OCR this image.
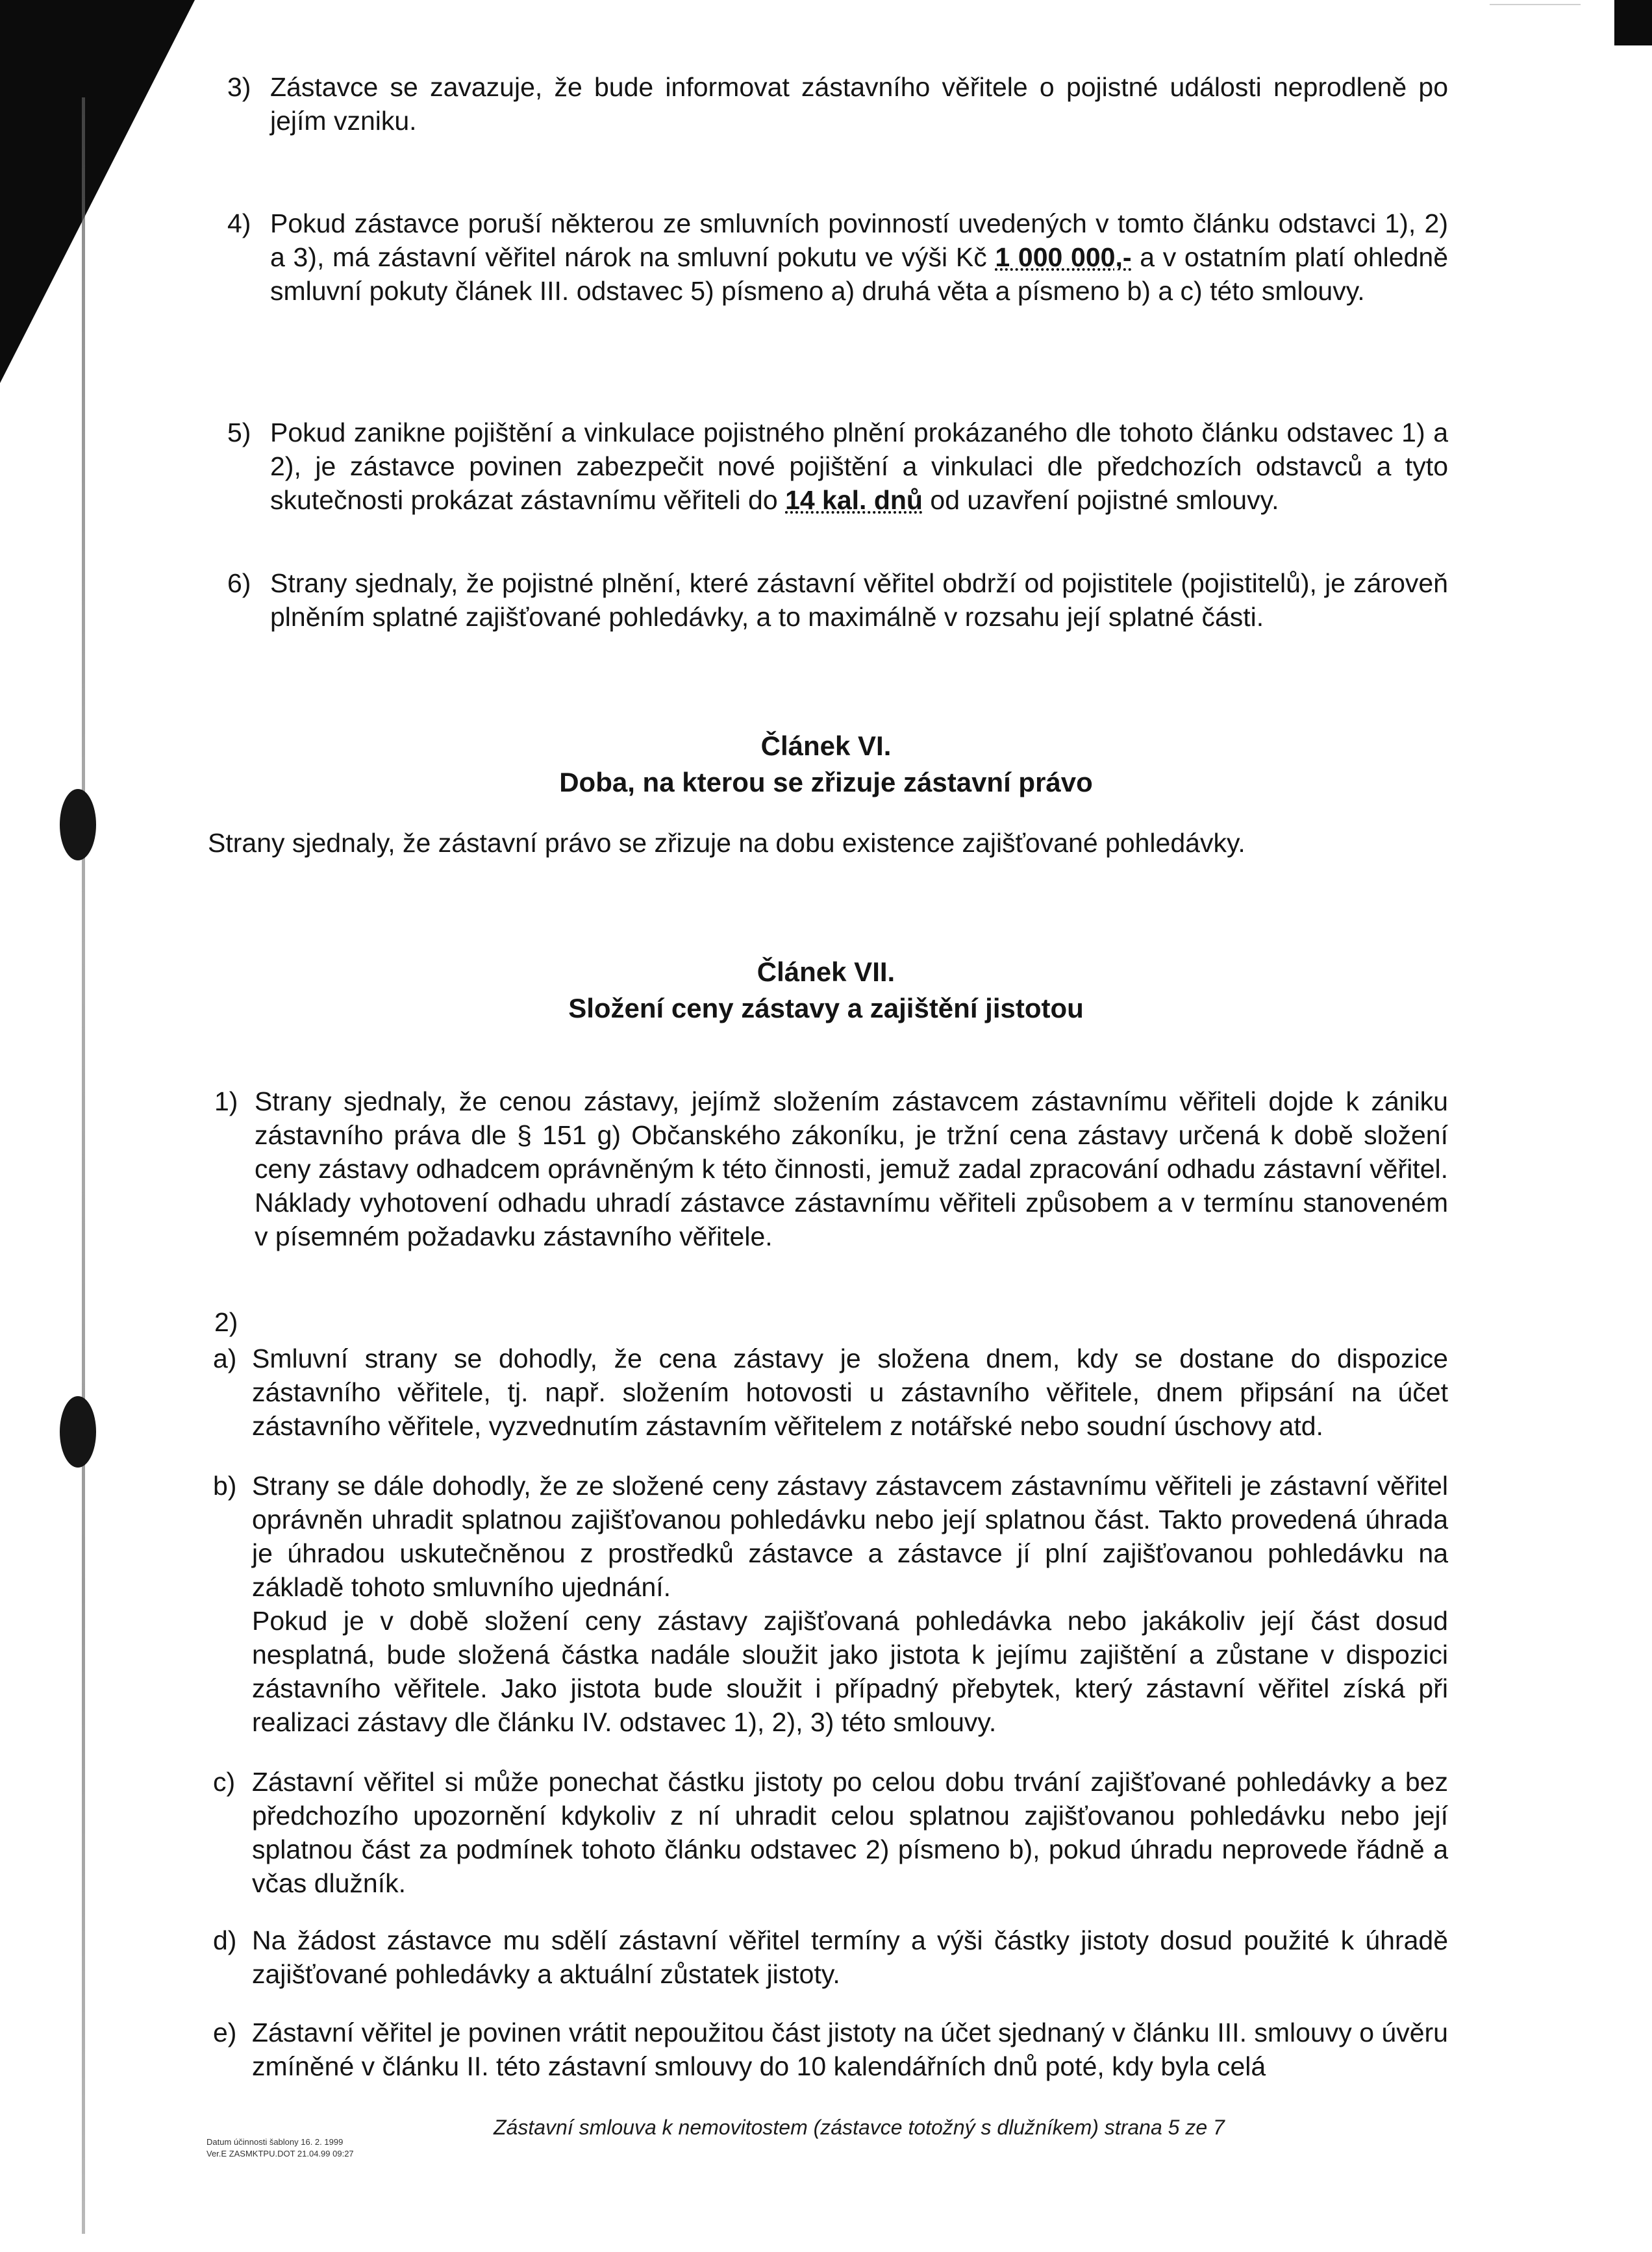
3) Zástavce se zavazuje, že bude informovat zástavního věřitele o pojistné události neprodleně po jejím vzniku.
4) Pokud zástavce poruší některou ze smluvních povinností uvedených v tomto článku odstavci 1), 2) a 3), má zástavní věřitel nárok na smluvní pokutu ve výši Kč 1 000 000,- a v ostatním platí ohledně smluvní pokuty článek III. odstavec 5) písmeno a) druhá věta a písmeno b) a c) této smlouvy.
5) Pokud zanikne pojištění a vinkulace pojistného plnění prokázaného dle tohoto článku odstavec 1) a 2), je zástavce povinen zabezpečit nové pojištění a vinkulaci dle předchozích odstavců a tyto skutečnosti prokázat zástavnímu věřiteli do 14 kal. dnů od uzavření pojistné smlouvy.
6) Strany sjednaly, že pojistné plnění, které zástavní věřitel obdrží od pojistitele (pojistitelů), je zároveň plněním splatné zajišťované pohledávky, a to maximálně v rozsahu její splatné části.
Článek VI.
Doba, na kterou se zřizuje zástavní právo
Strany sjednaly, že zástavní právo se zřizuje na dobu existence zajišťované pohledávky.
Článek VII.
Složení ceny zástavy a zajištění jistotou
1) Strany sjednaly, že cenou zástavy, jejímž složením zástavcem zástavnímu věřiteli dojde k zániku zástavního práva dle § 151 g) Občanského zákoníku, je tržní cena zástavy určená k době složení ceny zástavy odhadcem oprávněným k této činnosti, jemuž zadal zpracování odhadu zástavní věřitel. Náklady vyhotovení odhadu uhradí zástavce zástavnímu věřiteli způsobem a v termínu stanoveném v písemném požadavku zástavního věřitele.
2)
a) Smluvní strany se dohodly, že cena zástavy je složena dnem, kdy se dostane do dispozice zástavního věřitele, tj. např. složením hotovosti u zástavního věřitele, dnem připsání na účet zástavního věřitele, vyzvednutím zástavním věřitelem z notářské nebo soudní úschovy atd.
b) Strany se dále dohodly, že ze složené ceny zástavy zástavcem zástavnímu věřiteli je zástavní věřitel oprávněn uhradit splatnou zajišťovanou pohledávku nebo její splatnou část. Takto provedená úhrada je úhradou uskutečněnou z prostředků zástavce a zástavce jí plní zajišťovanou pohledávku na základě tohoto smluvního ujednání.
Pokud je v době složení ceny zástavy zajišťovaná pohledávka nebo jakákoliv její část dosud nesplatná, bude složená částka nadále sloužit jako jistota k jejímu zajištění a zůstane v dispozici zástavního věřitele. Jako jistota bude sloužit i případný přebytek, který zástavní věřitel získá při realizaci zástavy dle článku IV. odstavec 1), 2), 3) této smlouvy.
c) Zástavní věřitel si může ponechat částku jistoty po celou dobu trvání zajišťované pohledávky a bez předchozího upozornění kdykoliv z ní uhradit celou splatnou zajišťovanou pohledávku nebo její splatnou část za podmínek tohoto článku odstavec 2) písmeno b), pokud úhradu neprovede řádně a včas dlužník.
d) Na žádost zástavce mu sdělí zástavní věřitel termíny a výši částky jistoty dosud použité k úhradě zajišťované pohledávky a aktuální zůstatek jistoty.
e) Zástavní věřitel je povinen vrátit nepoužitou část jistoty na účet sjednaný v článku III. smlouvy o úvěru zmíněné v článku II. této zástavní smlouvy do 10 kalendářních dnů poté, kdy byla celá
Zástavní smlouva k nemovitostem (zástavce totožný s dlužníkem) strana 5 ze 7
Datum účinnosti šablony 16. 2. 1999
Ver.E ZASMKTPU.DOT 21.04.99 09:27
